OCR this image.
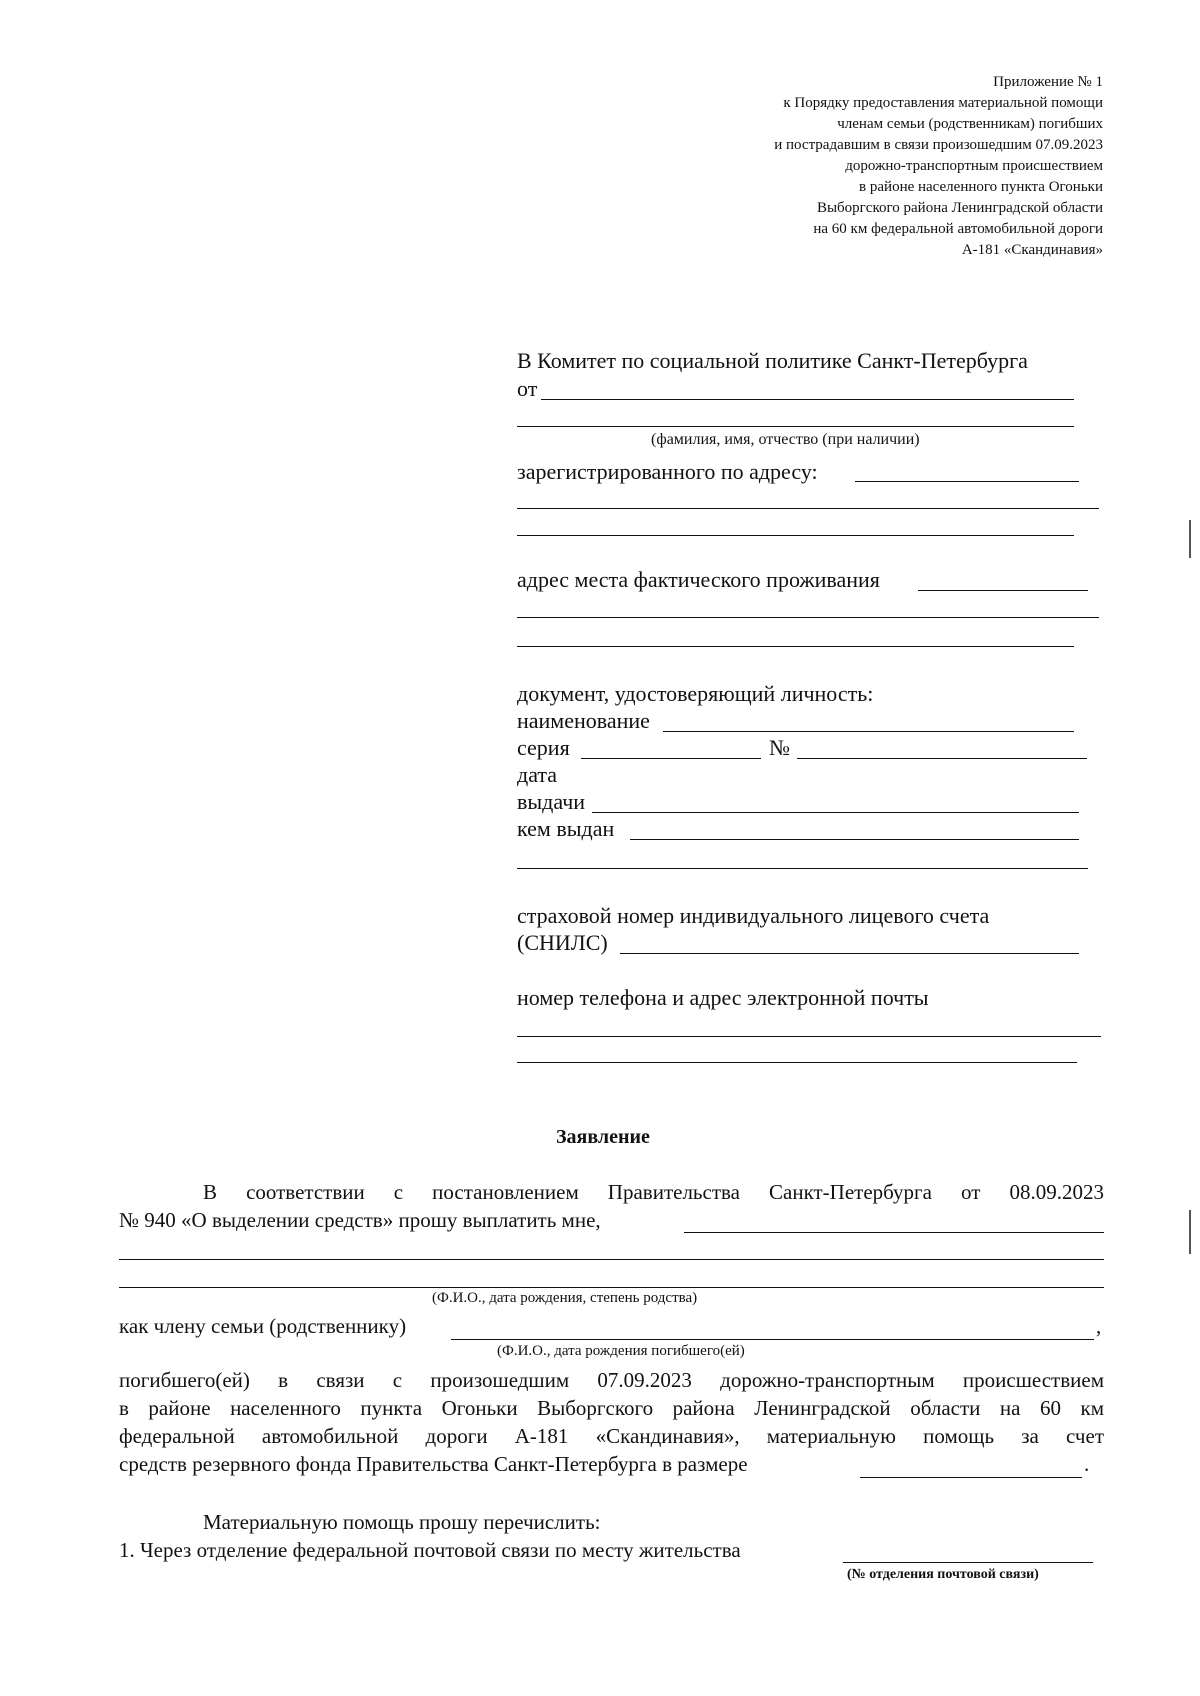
Приложение № 1
к Порядку предоставления материальной помощи
членам семьи (родственникам) погибших
и пострадавшим в связи произошедшим 07.09.2023
дорожно-транспортным происшествием
в районе населенного пункта Огоньки
Выборгского района Ленинградской области
на 60 км федеральной автомобильной дороги
А-181 «Скандинавия»
В Комитет по социальной политике Санкт-Петербурга
от
(фамилия, имя, отчество (при наличии)
зарегистрированного по адресу:
адрес места фактического проживания
документ, удостоверяющий личность:
наименование
серия	№
дата
выдачи
кем выдан
страховой номер индивидуального лицевого счета
(СНИЛС)
номер телефона и адрес электронной почты
Заявление
В соответствии с постановлением Правительства Санкт-Петербурга от 08.09.2023
№ 940 «О выделении средств» прошу выплатить мне,
(Ф.И.О., дата рождения, степень родства)
как члену семьи (родственнику)	,
(Ф.И.О., дата рождения погибшего(ей)
погибшего(ей) в связи с произошедшим 07.09.2023 дорожно-транспортным происшествием
в районе населенного пункта Огоньки Выборгского района Ленинградской области на 60 км
федеральной автомобильной дороги А-181 «Скандинавия», материальную помощь за счет
средств резервного фонда Правительства Санкт-Петербурга в размере	.
Материальную помощь прошу перечислить:
1. Через отделение федеральной почтовой связи по месту жительства
(№ отделения почтовой связи)
